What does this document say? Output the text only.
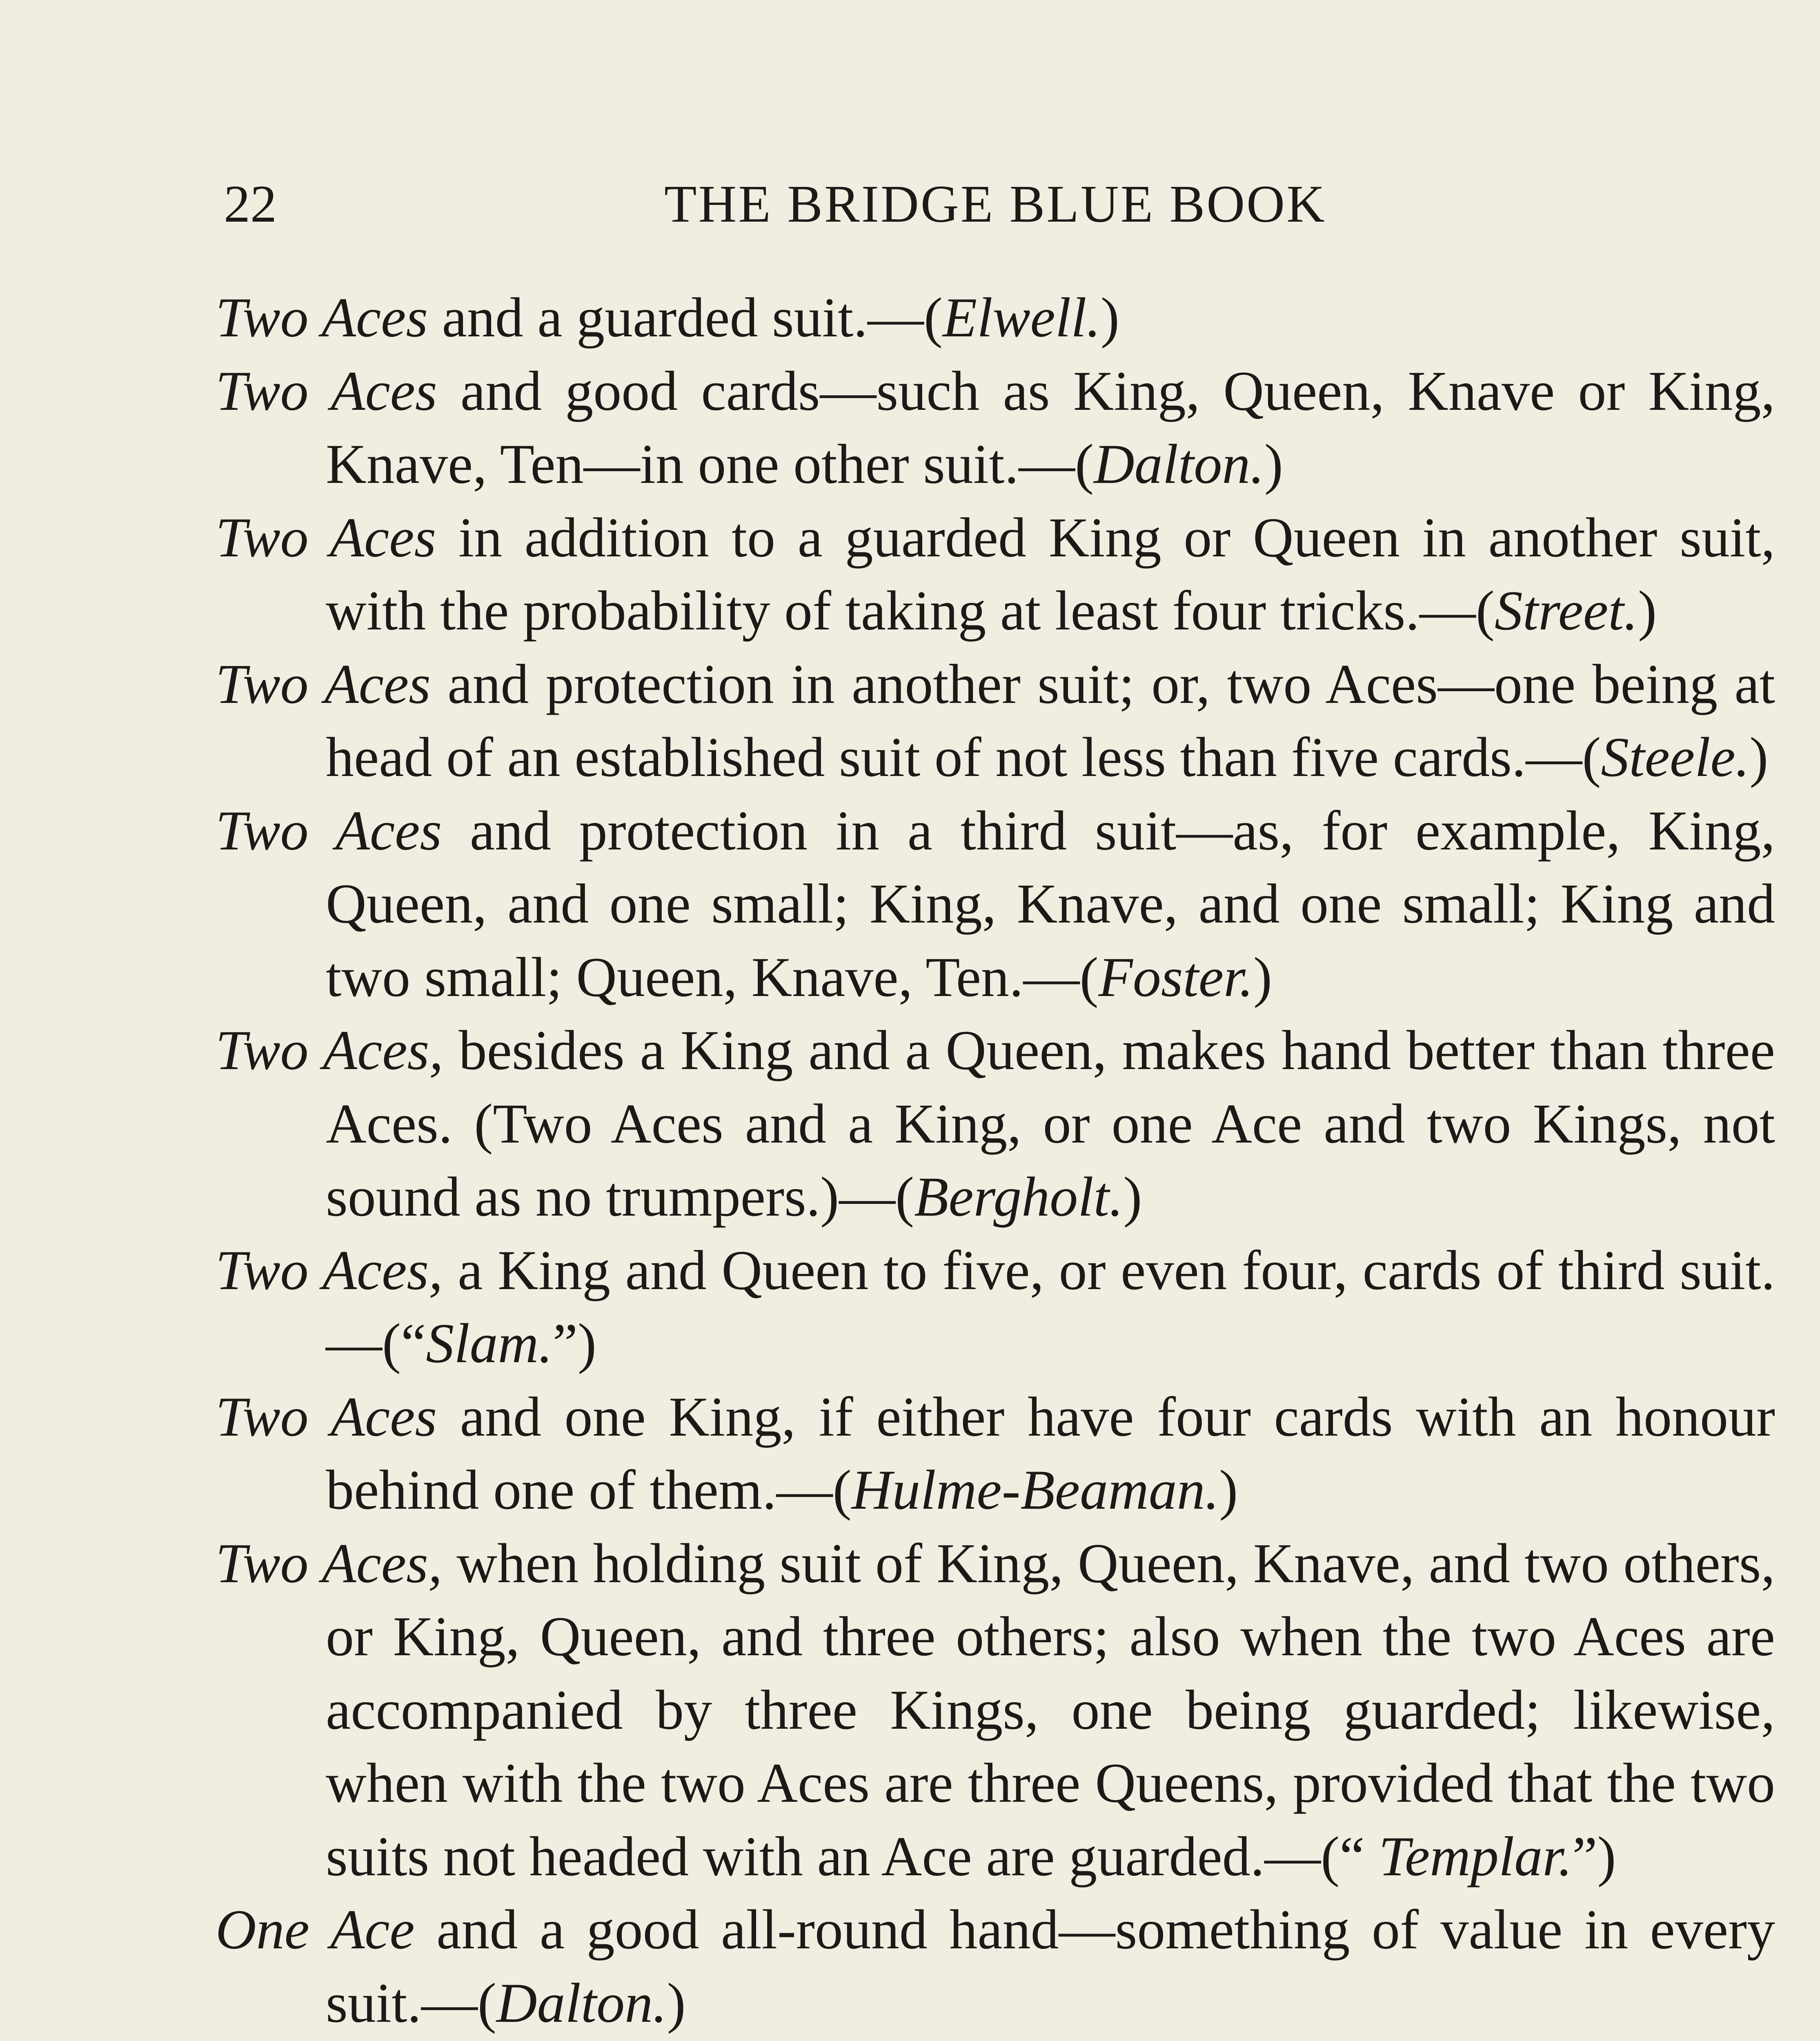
22	THE BRIDGE BLUE BOOK

Two Aces and a guarded suit.—(Elwell.)

Two Aces and good cards—such as King, Queen, Knave or King, Knave, Ten—in one other suit.—(Dalton.)

Two Aces in addition to a guarded King or Queen in another suit, with the probability of taking at least four tricks.—(Street.)

Two Aces and protection in another suit; or, two Aces—one being at head of an established suit of not less than five cards.—(Steele.)

Two Aces and protection in a third suit—as, for example, King, Queen, and one small; King, Knave, and one small; King and two small; Queen, Knave, Ten.—(Foster.)

Two Aces, besides a King and a Queen, makes hand better than three Aces. (Two Aces and a King, or one Ace and two Kings, not sound as no trumpers.)—(Bergholt.)

Two Aces, a King and Queen to five, or even four, cards of third suit.—(“Slam.”)

Two Aces and one King, if either have four cards with an honour behind one of them.—(Hulme-Beaman.)

Two Aces, when holding suit of King, Queen, Knave, and two others, or King, Queen, and three others; also when the two Aces are accompanied by three Kings, one being guarded; likewise, when with the two Aces are three Queens, provided that the two suits not headed with an Ace are guarded.—(“ Templar.”)

One Ace and a good all-round hand—something of value in every suit.—(Dalton.)
